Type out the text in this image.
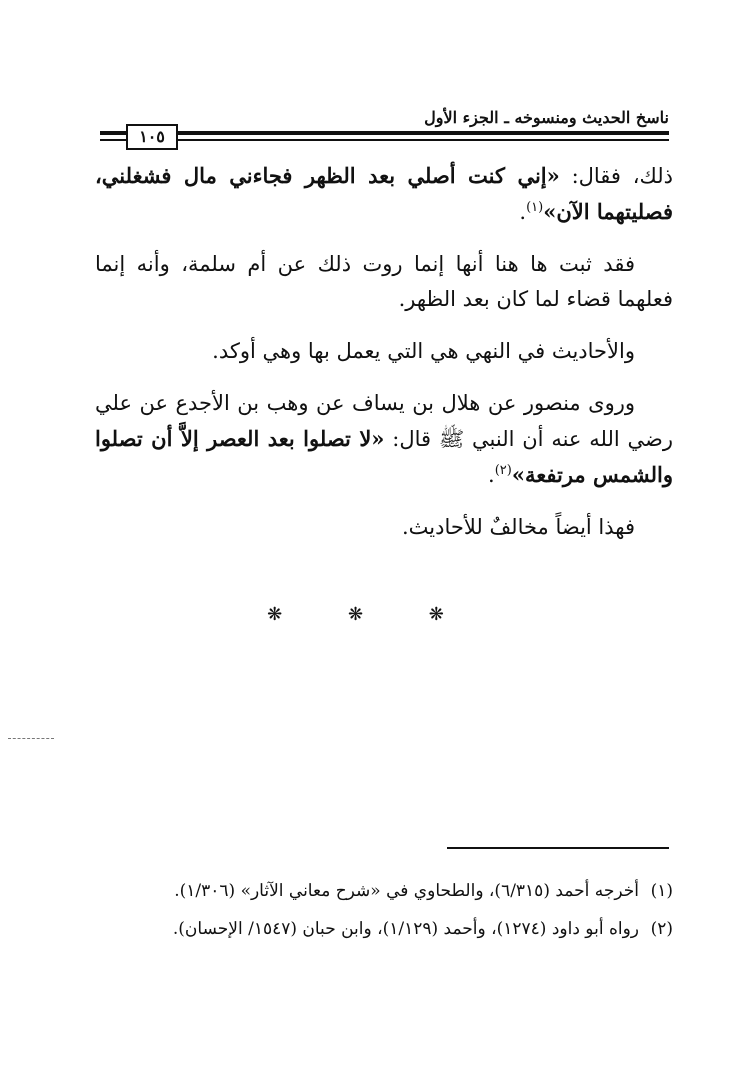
ناسخ الحديث ومنسوخه ـ الجزء الأول
١٠٥

ذلك، فقال: «إني كنت أصلي بعد الظهر فجاءني مال فشغلني، فصليتهما الآن»$^{(١)}$.

فقد ثبت ها هنا أنها إنما روت ذلك عن أم سلمة، وأنه إنما فعلهما قضاء لما كان بعد الظهر.

والأحاديث في النهي هي التي يعمل بها وهي أوكد.

وروى منصور عن هلال بن يساف عن وهب بن الأجدع عن علي رضي الله عنه أن النبي ﷺ قال: «لا تصلوا بعد العصر إلاَّ أن تصلوا والشمس مرتفعة»$^{(٢)}$.

فهذا أيضاً مخالفٌ للأحاديث.

❋ ❋ ❋
(١)
أخرجه أحمد (٦/٣١٥)، والطحاوي في «شرح معاني الآثار» (١/٣٠٦).
(٢)
رواه أبو داود (١٢٧٤)، وأحمد (١/١٢٩)، وابن حبان (١٥٤٧/ الإحسان).
